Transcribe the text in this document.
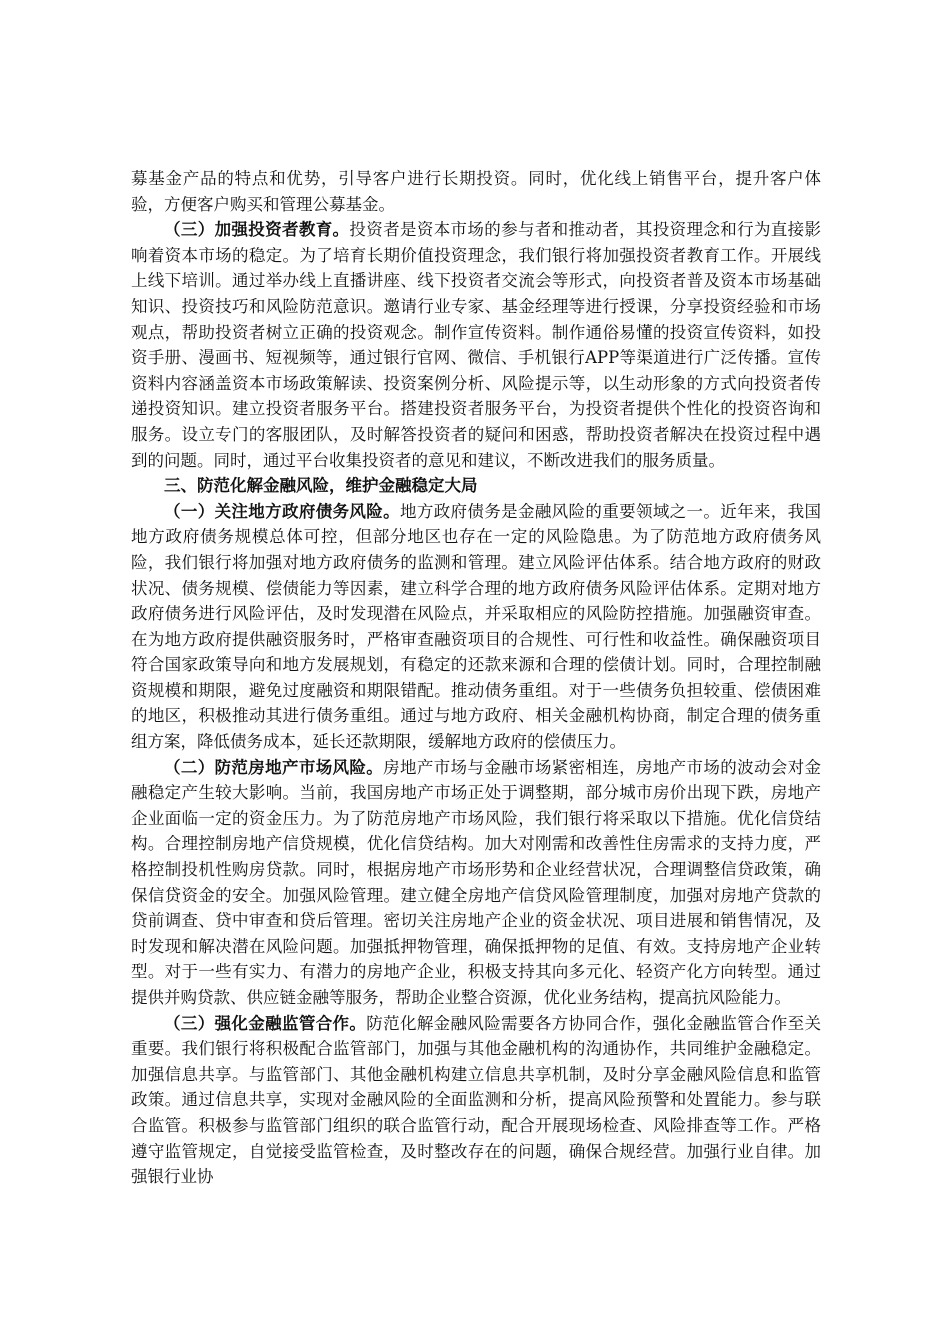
募基金产品的特点和优势，引导客户进行长期投资。同时，优化线上销售平台，提升客户体验，方便客户购买和管理公募基金。

（三）加强投资者教育。投资者是资本市场的参与者和推动者，其投资理念和行为直接影响着资本市场的稳定。为了培育长期价值投资理念，我们银行将加强投资者教育工作。开展线上线下培训。通过举办线上直播讲座、线下投资者交流会等形式，向投资者普及资本市场基础知识、投资技巧和风险防范意识。邀请行业专家、基金经理等进行授课，分享投资经验和市场观点，帮助投资者树立正确的投资观念。制作宣传资料。制作通俗易懂的投资宣传资料，如投资手册、漫画书、短视频等，通过银行官网、微信、手机银行APP等渠道进行广泛传播。宣传资料内容涵盖资本市场政策解读、投资案例分析、风险提示等，以生动形象的方式向投资者传递投资知识。建立投资者服务平台。搭建投资者服务平台，为投资者提供个性化的投资咨询和服务。设立专门的客服团队，及时解答投资者的疑问和困惑，帮助投资者解决在投资过程中遇到的问题。同时，通过平台收集投资者的意见和建议，不断改进我们的服务质量。

三、防范化解金融风险，维护金融稳定大局

（一）关注地方政府债务风险。地方政府债务是金融风险的重要领域之一。近年来，我国地方政府债务规模总体可控，但部分地区也存在一定的风险隐患。为了防范地方政府债务风险，我们银行将加强对地方政府债务的监测和管理。建立风险评估体系。结合地方政府的财政状况、债务规模、偿债能力等因素，建立科学合理的地方政府债务风险评估体系。定期对地方政府债务进行风险评估，及时发现潜在风险点，并采取相应的风险防控措施。加强融资审查。在为地方政府提供融资服务时，严格审查融资项目的合规性、可行性和收益性。确保融资项目符合国家政策导向和地方发展规划，有稳定的还款来源和合理的偿债计划。同时，合理控制融资规模和期限，避免过度融资和期限错配。推动债务重组。对于一些债务负担较重、偿债困难的地区，积极推动其进行债务重组。通过与地方政府、相关金融机构协商，制定合理的债务重组方案，降低债务成本，延长还款期限，缓解地方政府的偿债压力。

（二）防范房地产市场风险。房地产市场与金融市场紧密相连，房地产市场的波动会对金融稳定产生较大影响。当前，我国房地产市场正处于调整期，部分城市房价出现下跌，房地产企业面临一定的资金压力。为了防范房地产市场风险，我们银行将采取以下措施。优化信贷结构。合理控制房地产信贷规模，优化信贷结构。加大对刚需和改善性住房需求的支持力度，严格控制投机性购房贷款。同时，根据房地产市场形势和企业经营状况，合理调整信贷政策，确保信贷资金的安全。加强风险管理。建立健全房地产信贷风险管理制度，加强对房地产贷款的贷前调查、贷中审查和贷后管理。密切关注房地产企业的资金状况、项目进展和销售情况，及时发现和解决潜在风险问题。加强抵押物管理，确保抵押物的足值、有效。支持房地产企业转型。对于一些有实力、有潜力的房地产企业，积极支持其向多元化、轻资产化方向转型。通过提供并购贷款、供应链金融等服务，帮助企业整合资源，优化业务结构，提高抗风险能力。

（三）强化金融监管合作。防范化解金融风险需要各方协同合作，强化金融监管合作至关重要。我们银行将积极配合监管部门，加强与其他金融机构的沟通协作，共同维护金融稳定。加强信息共享。与监管部门、其他金融机构建立信息共享机制，及时分享金融风险信息和监管政策。通过信息共享，实现对金融风险的全面监测和分析，提高风险预警和处置能力。参与联合监管。积极参与监管部门组织的联合监管行动，配合开展现场检查、风险排查等工作。严格遵守监管规定，自觉接受监管检查，及时整改存在的问题，确保合规经营。加强行业自律。加强银行业协
